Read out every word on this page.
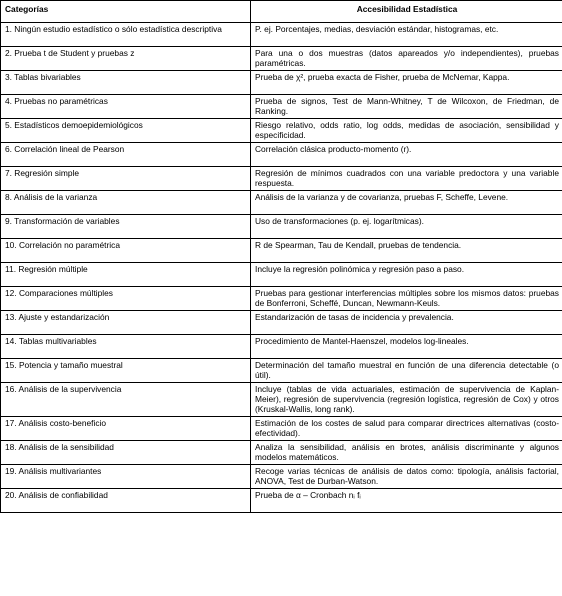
Categorías	Accesibilidad Estadística
1. Ningún estudio estadístico o sólo estadística descriptiva	P. ej. Porcentajes, medias, desviación estándar, histogramas, etc.
2. Prueba t de Student y pruebas z	Para una o dos muestras (datos apareados y/o independientes), pruebas paramétricas.
3. Tablas bivariables	Prueba de χ², prueba exacta de Fisher, prueba de McNemar, Kappa.
4. Pruebas no paramétricas	Prueba de signos, Test de Mann-Whitney, T de Wilcoxon, de Friedman, de Ranking.
5. Estadísticos demoepidemiológicos	Riesgo relativo, odds ratio, log odds, medidas de asociación, sensibilidad y especificidad.
6. Correlación lineal de Pearson	Correlación clásica producto-momento (r).
7. Regresión simple	Regresión de mínimos cuadrados con una variable predoctora y una variable respuesta.
8. Análisis de la varianza	Análisis de la varianza y de covarianza, pruebas F, Scheffe, Levene.
9. Transformación de variables	Uso de transformaciones (p. ej. logarítmicas).
10. Correlación no paramétrica	R de Spearman, Tau de Kendall, pruebas de tendencia.
11. Regresión múltiple	Incluye la regresión polinómica y regresión paso a paso.
12. Comparaciones múltiples	Pruebas para gestionar interferencias múltiples sobre los mismos datos: pruebas de Bonferroni, Scheffé, Duncan, Newmann-Keuls.
13. Ajuste y estandarización	Estandarización de tasas de incidencia y prevalencia.
14. Tablas multivariables	Procedimiento de Mantel-Haenszel, modelos log-lineales.
15. Potencia y tamaño muestral	Determinación del tamaño muestral en función de una diferencia detectable (o útil).
16. Análisis de la supervivencia	Incluye (tablas de vida actuariales, estimación de supervivencia de Kaplan-Meier), regresión de supervivencia (regresión logística, regresión de Cox) y otros (Kruskal-Wallis, long rank).
17. Análisis costo-beneficio	Estimación de los costes de salud para comparar directrices alternativas (costo-efectividad).
18. Análisis de la sensibilidad	Analiza la sensibilidad, análisis en brotes, análisis discriminante y algunos modelos matemáticos.
19. Análisis multivariantes	Recoge varias técnicas de análisis de datos como: tipología, análisis factorial, ANOVA, Test de Durban-Watson.
20. Análisis de confiabilidad	Prueba de α – Cronbach nᵢ fᵢ
